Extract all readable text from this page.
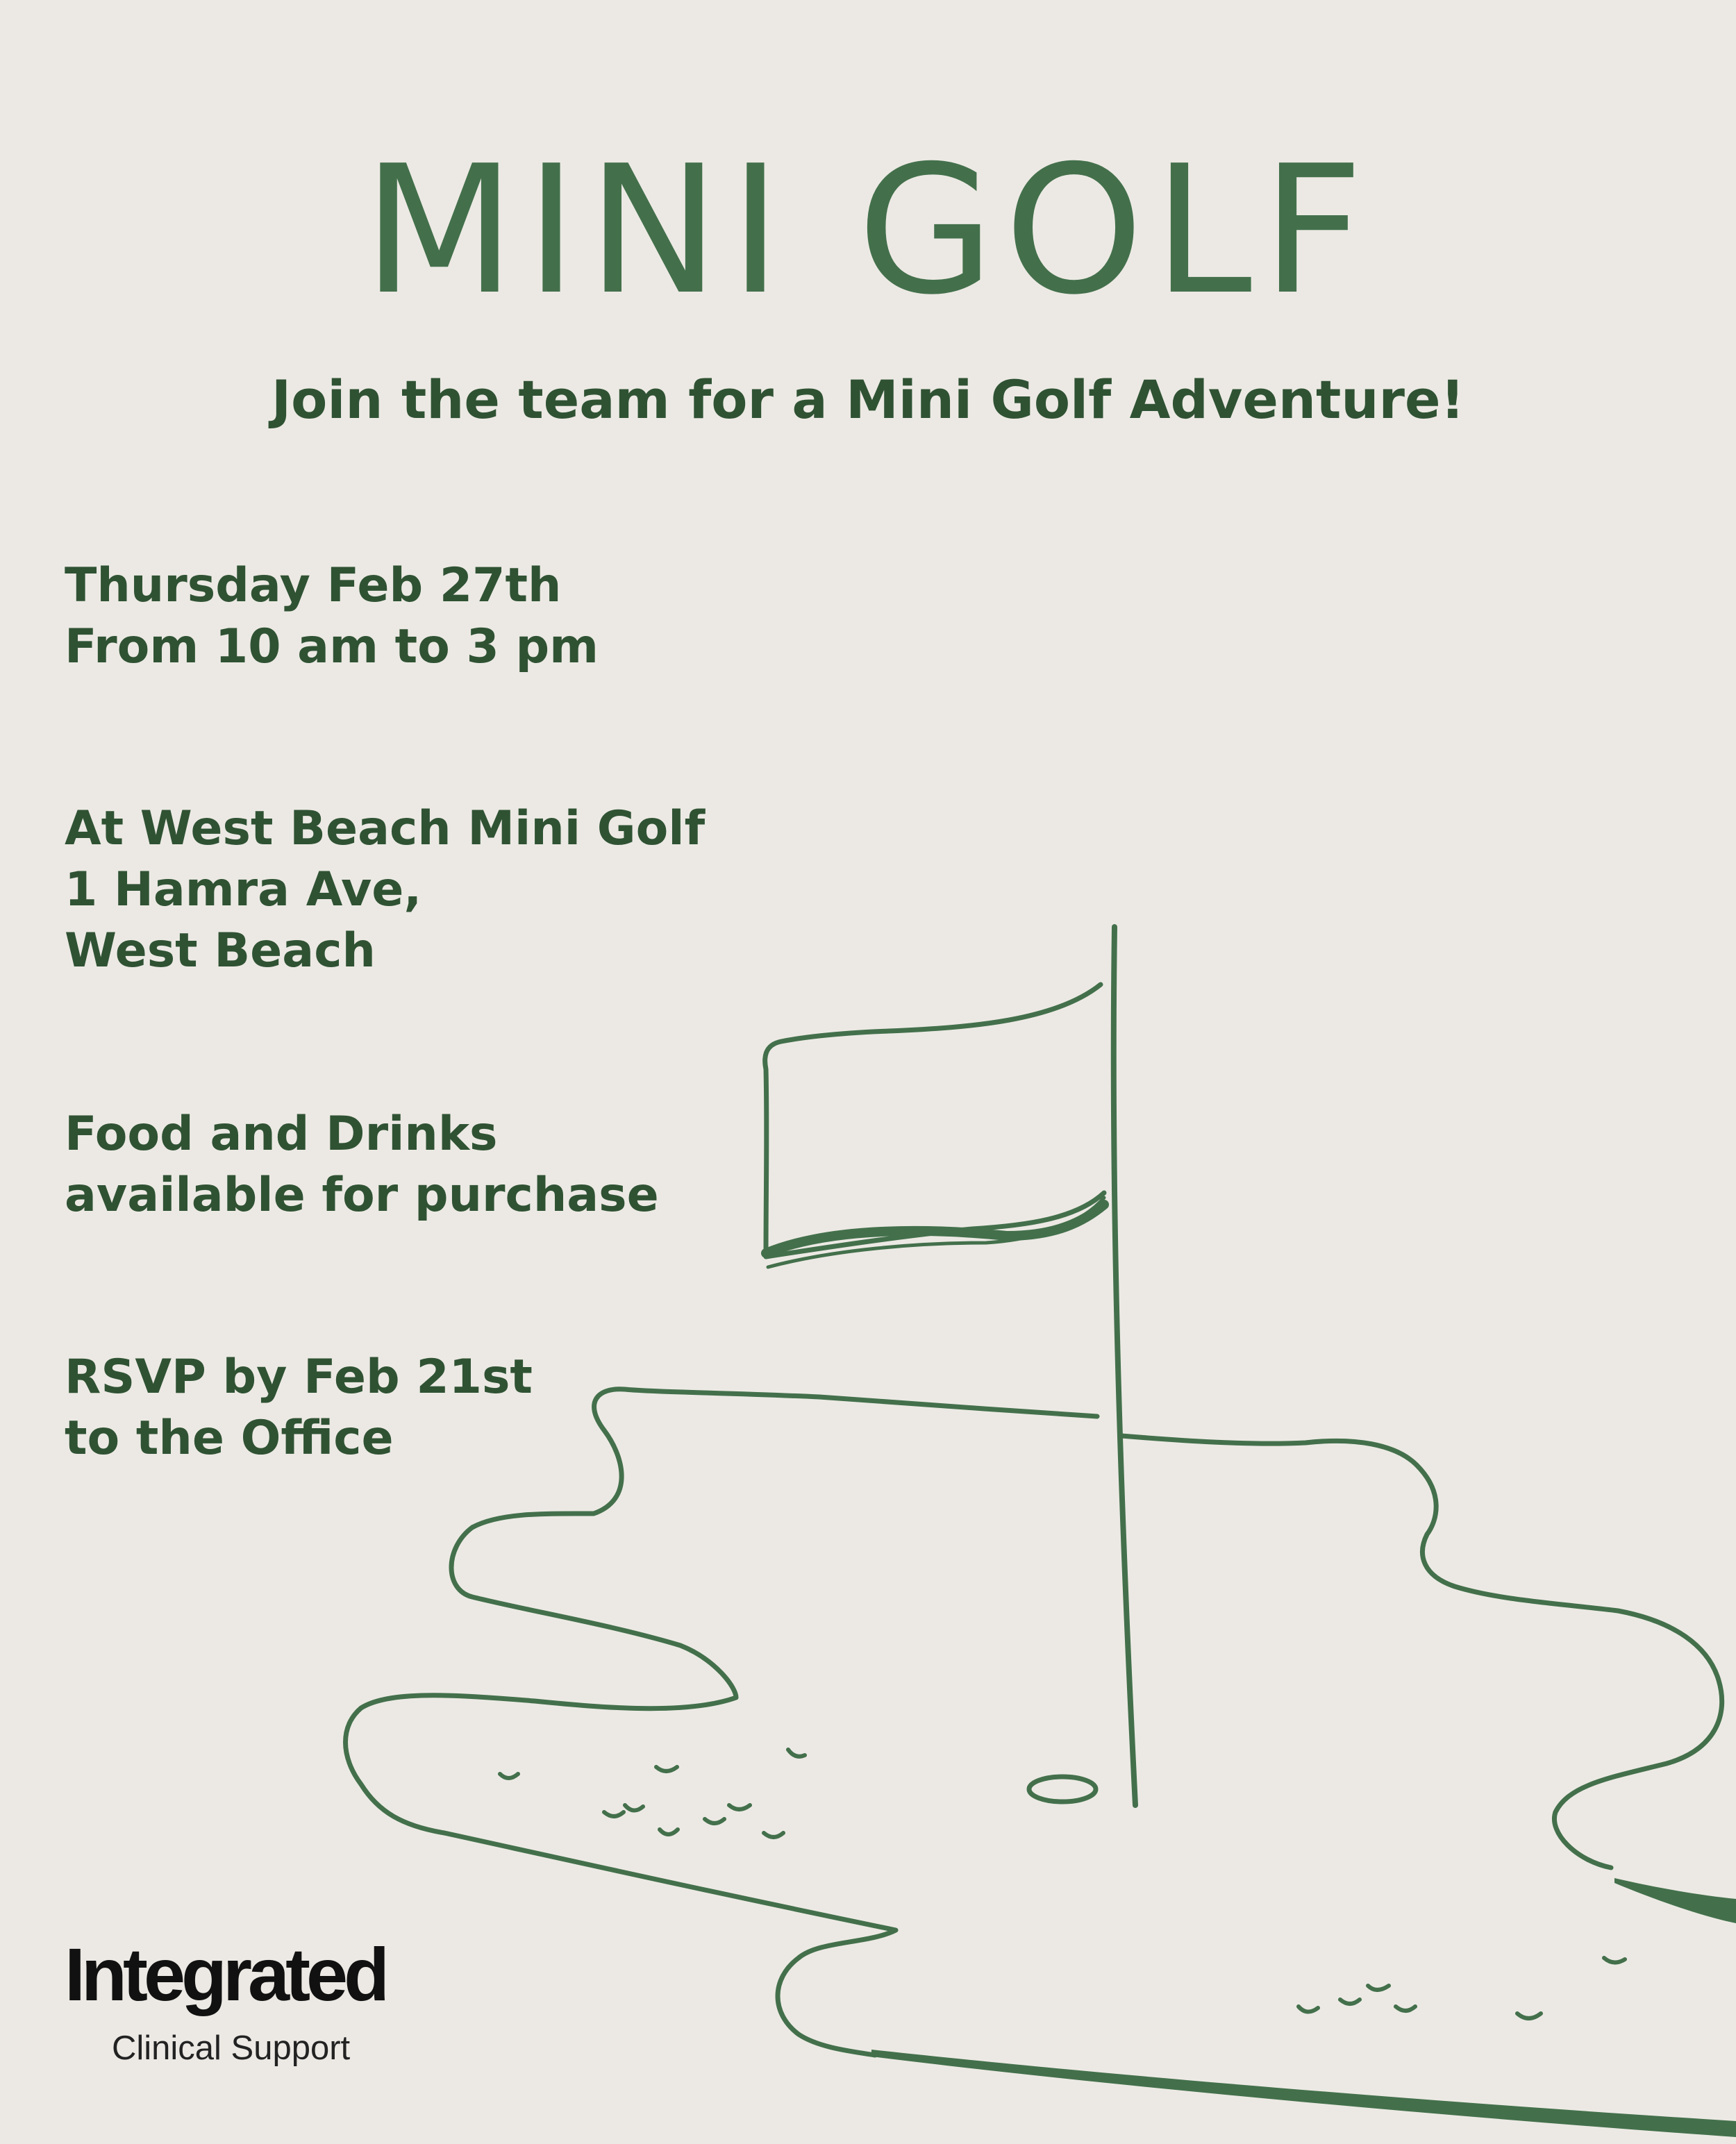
MINI GOLF
Join the team for a Mini Golf Adventure!
Thursday Feb 27th
From 10 am to 3 pm
At West Beach Mini Golf
1 Hamra Ave,
West Beach
Food and Drinks
available for purchase
RSVP by Feb 21st
to the Office
Integrated
Clinical Support
